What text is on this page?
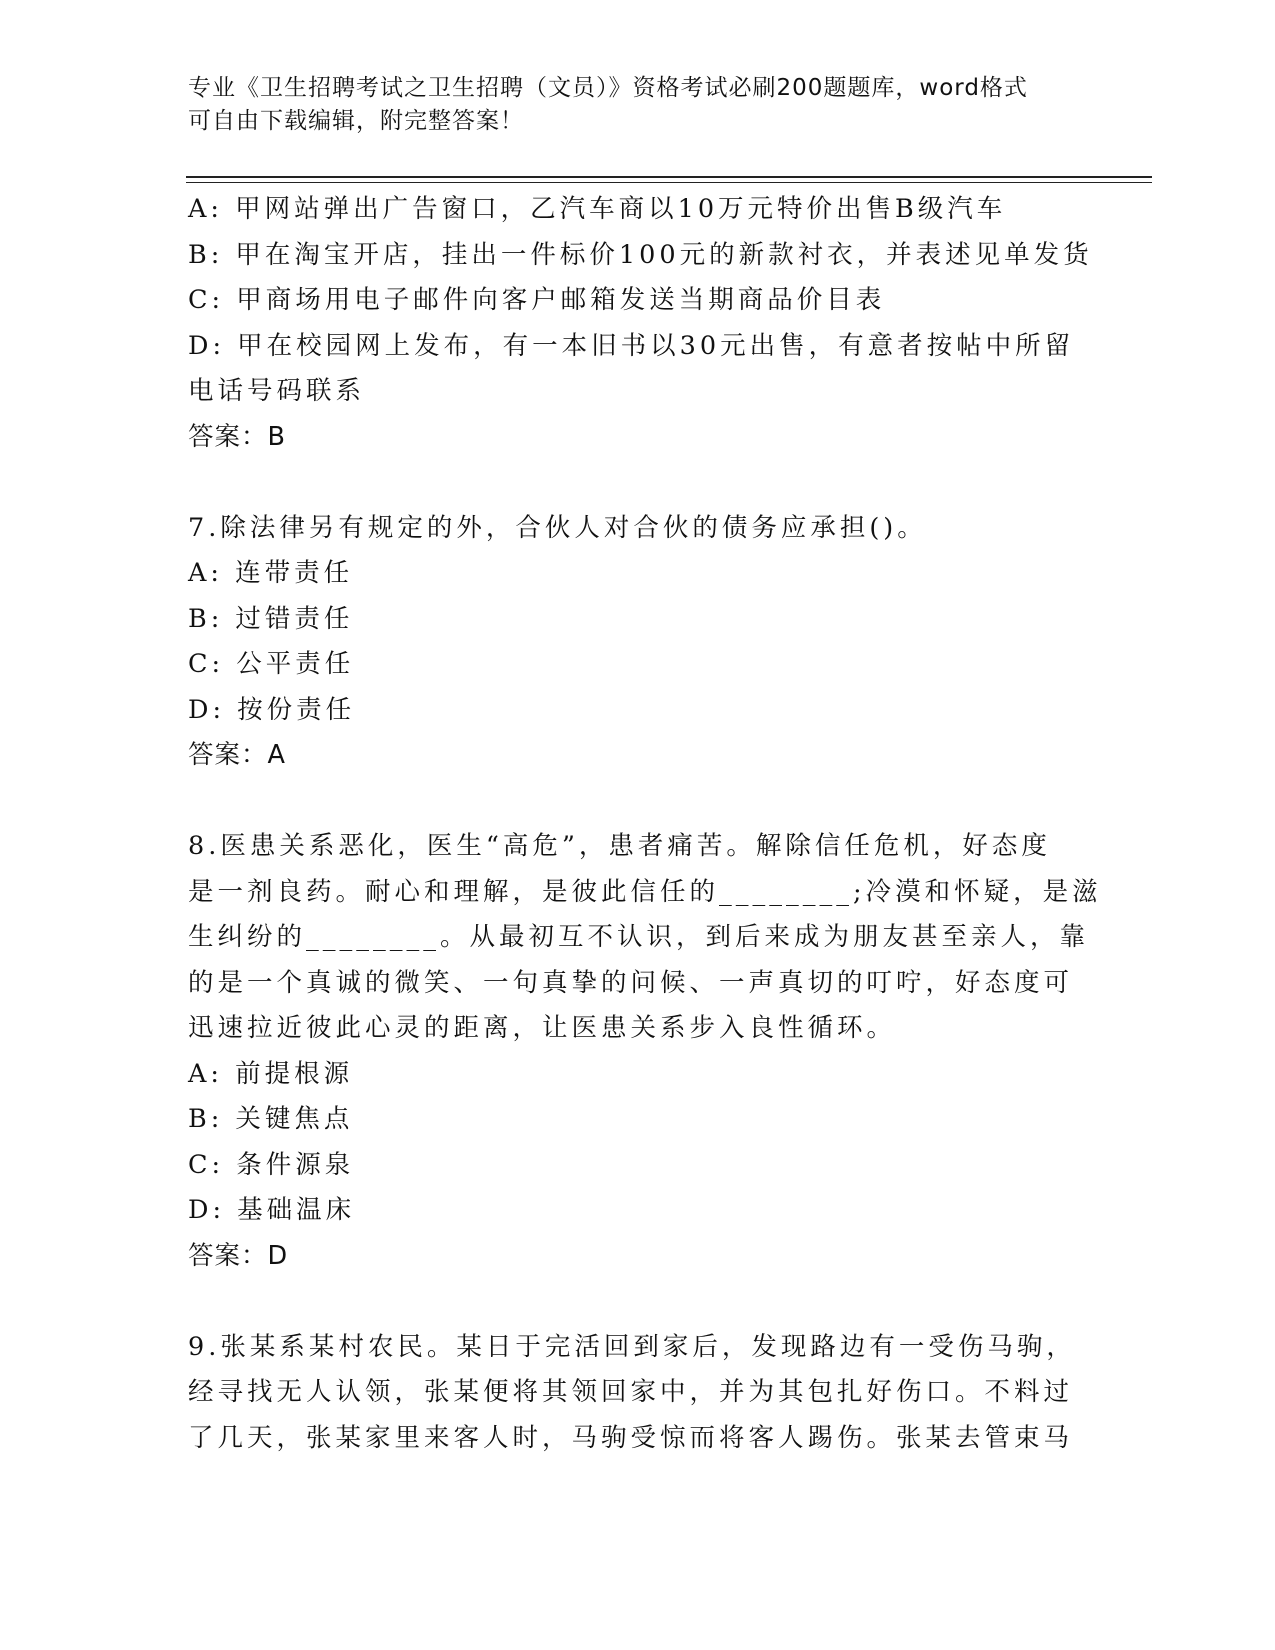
专业《卫生招聘考试之卫生招聘（文员）》资格考试必刷200题题库，word格式
可自由下载编辑，附完整答案！
A: 甲网站弹出广告窗口，乙汽车商以10万元特价出售B级汽车
B: 甲在淘宝开店，挂出一件标价100元的新款衬衣，并表述见单发货
C: 甲商场用电子邮件向客户邮箱发送当期商品价目表
D: 甲在校园网上发布，有一本旧书以30元出售，有意者按帖中所留
电话号码联系
答案：B
7.除法律另有规定的外，合伙人对合伙的债务应承担()。
A: 连带责任
B: 过错责任
C: 公平责任
D: 按份责任
答案：A
8.医患关系恶化，医生“高危”，患者痛苦。解除信任危机，好态度
是一剂良药。耐心和理解，是彼此信任的________;冷漠和怀疑，是滋
生纠纷的________。从最初互不认识，到后来成为朋友甚至亲人，靠
的是一个真诚的微笑、一句真挚的问候、一声真切的叮咛，好态度可
迅速拉近彼此心灵的距离，让医患关系步入良性循环。
A: 前提根源
B: 关键焦点
C: 条件源泉
D: 基础温床
答案：D
9.张某系某村农民。某日于完活回到家后，发现路边有一受伤马驹，
经寻找无人认领，张某便将其领回家中，并为其包扎好伤口。不料过
了几天，张某家里来客人时，马驹受惊而将客人踢伤。张某去管束马
